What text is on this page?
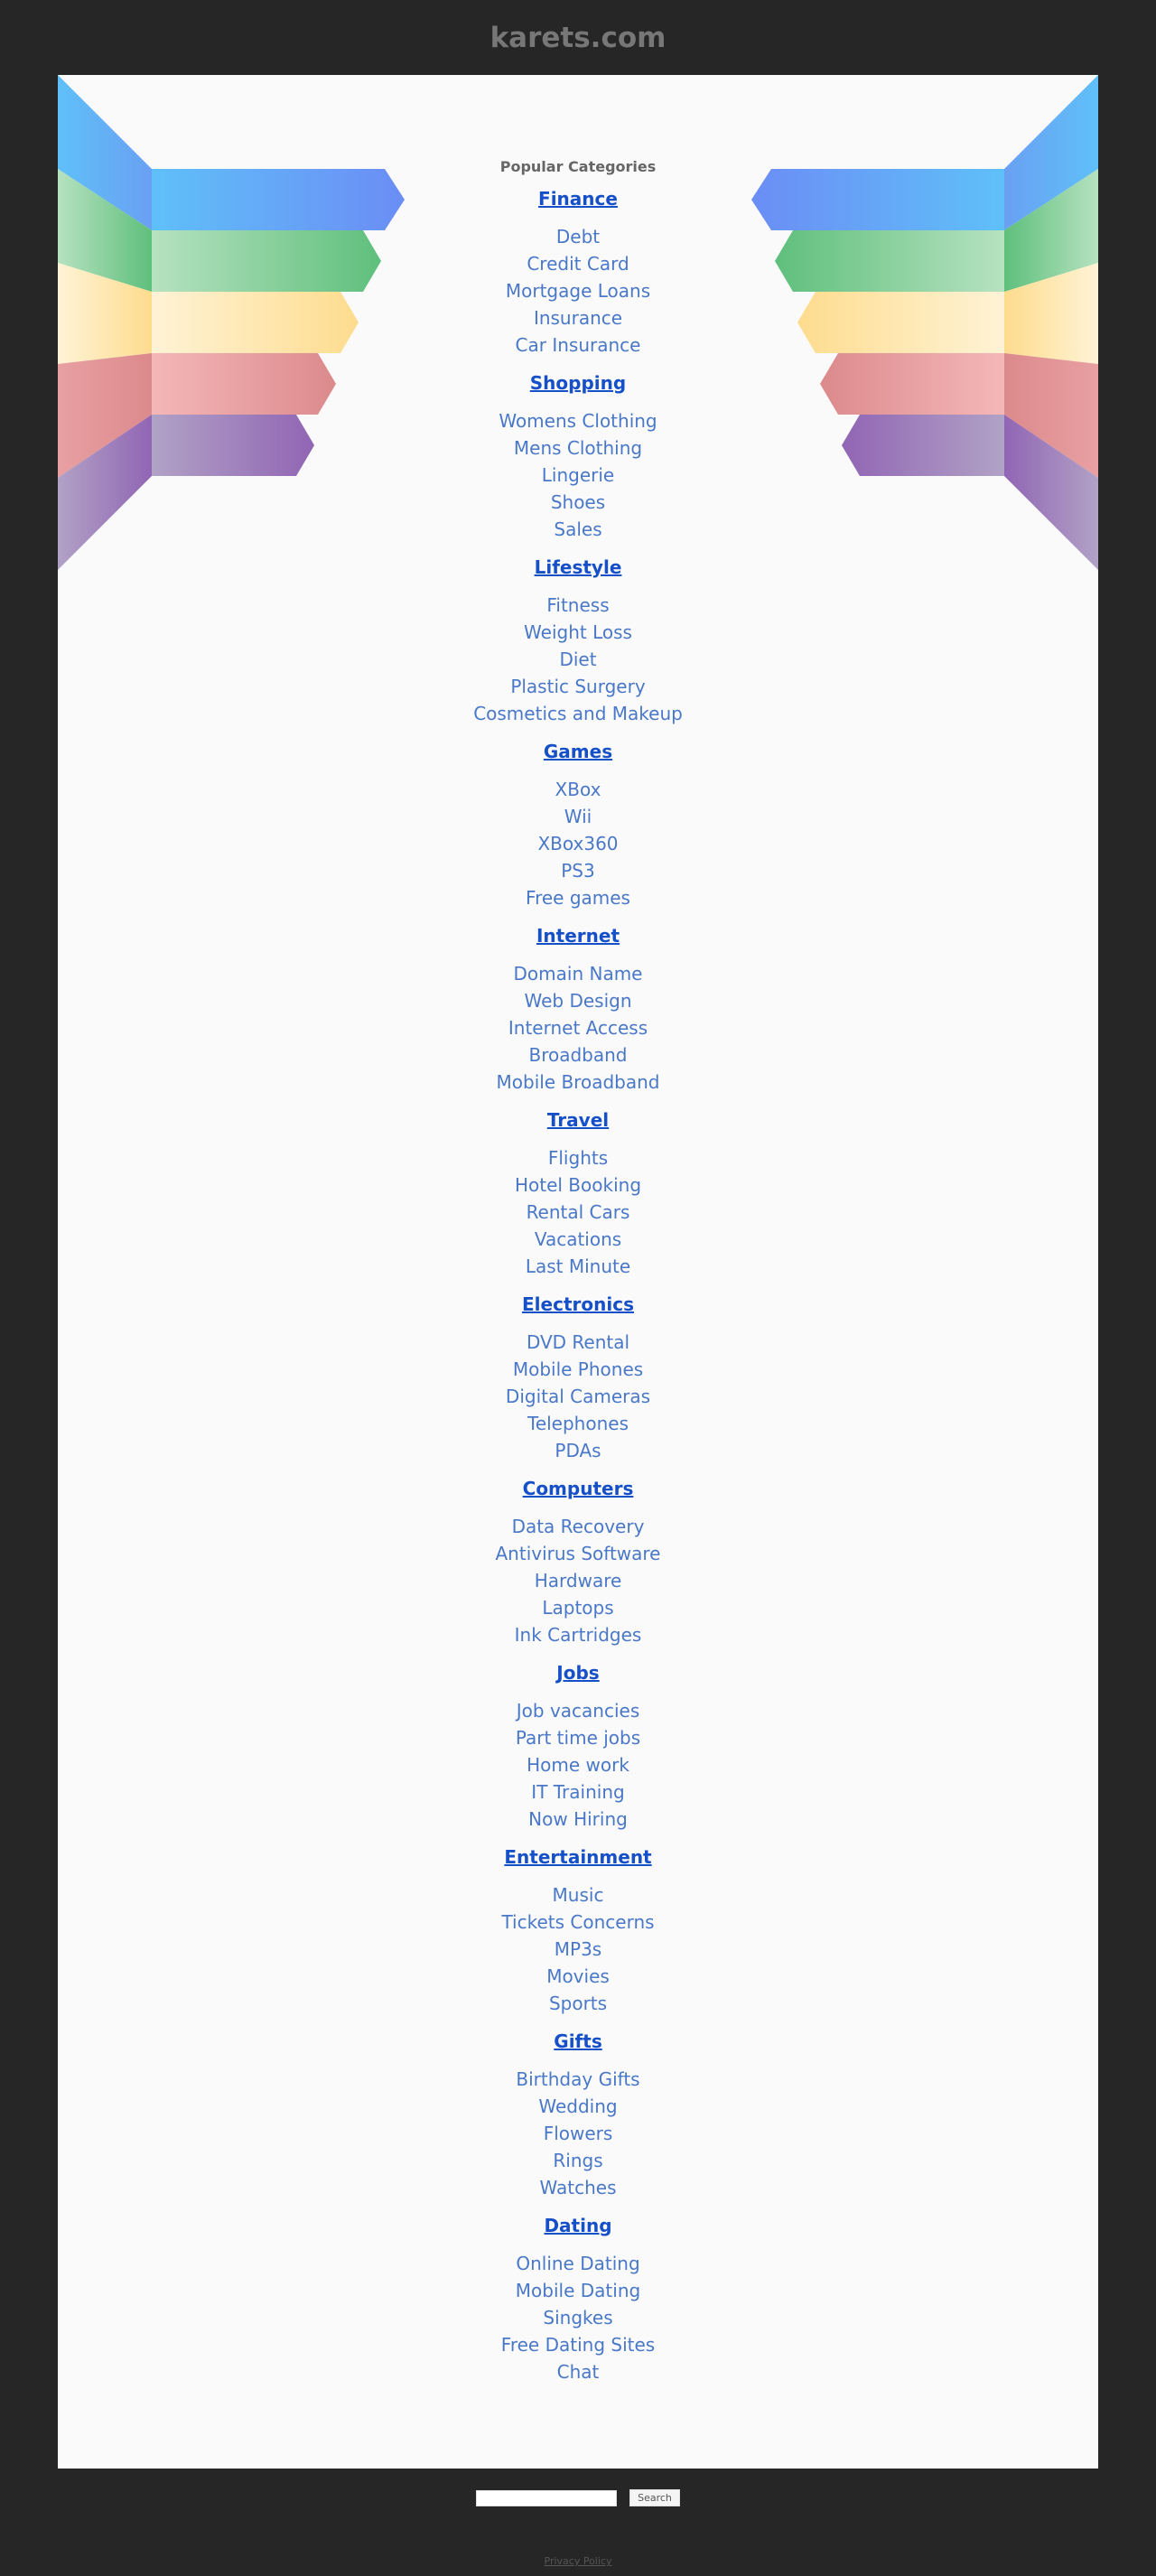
karets.com
Popular Categories
Finance
Debt
Credit Card
Mortgage Loans
Insurance
Car Insurance
Shopping
Womens Clothing
Mens Clothing
Lingerie
Shoes
Sales
Lifestyle
Fitness
Weight Loss
Diet
Plastic Surgery
Cosmetics and Makeup
Games
XBox
Wii
XBox360
PS3
Free games
Internet
Domain Name
Web Design
Internet Access
Broadband
Mobile Broadband
Travel
Flights
Hotel Booking
Rental Cars
Vacations
Last Minute
Electronics
DVD Rental
Mobile Phones
Digital Cameras
Telephones
PDAs
Computers
Data Recovery
Antivirus Software
Hardware
Laptops
Ink Cartridges
Jobs
Job vacancies
Part time jobs
Home work
IT Training
Now Hiring
Entertainment
Music
Tickets Concerns
MP3s
Movies
Sports
Gifts
Birthday Gifts
Wedding
Flowers
Rings
Watches
Dating
Online Dating
Mobile Dating
Singkes
Free Dating Sites
Chat
Search
Privacy Policy
